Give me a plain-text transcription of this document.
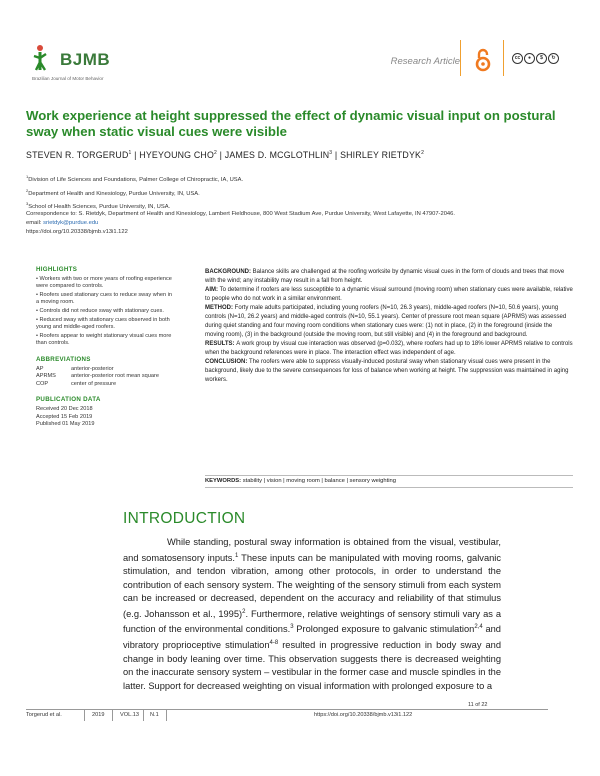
BJMB
Brazilian Journal of Motor Behavior
Research Article	cc	●	$	↻
Work experience at height suppressed the effect of dynamic visual input on postural sway when static visual cues were visible
STEVEN R. TORGERUD$^1$ | HYEYOUNG CHO$^2$ | JAMES D. MCGLOTHLIN$^3$ | SHIRLEY RIETDYK$^2$
$^1$Division of Life Sciences and Foundations, Palmer College of Chiropractic, IA, USA.
$^2$Department of Health and Kinesiology, Purdue University, IN, USA.
$^3$School of Health Sciences, Purdue University, IN, USA.
Correspondence to: S. Rietdyk, Department of Health and Kinesiology, Lambert Fieldhouse, 800 West Stadium Ave, Purdue University, West Lafayette, IN 47907-2046.
email: srietdyk@purdue.edu
https://doi.org/10.20338/bjmb.v13i1.122
HIGHLIGHTS
• Workers with two or more years of roofing experience were compared to controls.
• Roofers used stationary cues to reduce sway when in a moving room.
• Controls did not reduce sway with stationary cues.
• Reduced sway with stationary cues observed in both young and middle-aged roofers.
• Roofers appear to weight stationary visual cues more than controls.
ABBREVIATIONS
AP	anterior-posterior
APRMS	anterior-posterior root mean square
COP	center of pressure
PUBLICATION DATA
Received 20 Dec 2018
Accepted 15 Feb 2019
Published 01 May 2019

BACKGROUND: Balance skills are challenged at the roofing worksite by dynamic visual cues in the form of clouds and trees that move with the wind; any instability may result in a fall from height.

AIM: To determine if roofers are less susceptible to a dynamic visual surround (moving room) when stationary cues were available, relative to people who do not work in a similar environment.

METHOD: Forty male adults participated, including young roofers (N=10, 26.3 years), middle-aged roofers (N=10, 50.6 years), young controls (N=10, 26.2 years) and middle-aged controls (N=10, 55.1 years). Center of pressure root mean square (APRMS) was assessed during quiet standing and four moving room conditions when stationary cues were: (1) not in place, (2) in the foreground (inside the moving room), (3) in the background (outside the moving room, but still visible) and (4) in the foreground and background.

RESULTS: A work group by visual cue interaction was observed (p=0.032), where roofers had up to 18% lower APRMS relative to controls when the background references were in place. The interaction effect was independent of age.

CONCLUSION: The roofers were able to suppress visually-induced postural sway when stationary visual cues were present in the background, likely due to the severe consequences for loss of balance when working at height. The suppression was maintained in aging workers.

KEYWORDS: stability | vision | moving room | balance | sensory weighting
INTRODUCTION
While standing, postural sway information is obtained from the visual, vestibular, and somatosensory inputs.$^1$ These inputs can be manipulated with moving rooms, galvanic stimulation, and tendon vibration, among other protocols, in order to understand the contribution of each sensory system. The weighting of the sensory stimuli from each system can be increased or decreased, dependent on the accuracy and reliability of that stimulus (e.g. Johansson et al., 1995)$^2$. Furthermore, relative weightings of sensory stimuli vary as a function of the environmental conditions.$^3$ Prolonged exposure to galvanic stimulation$^{2,4}$ and vibratory proprioceptive stimulation$^{4-8}$ resulted in progressive reduction in body sway and change in body leaning over time. This observation suggests there is decreased weighting on the inaccurate sensory system – vestibular in the former case and muscle spindles in the latter. Support for decreased weighting on visual information with prolonged exposure to a
11 of 22
Torgerud et al.	2019	VOL.13 N.1	https://doi.org/10.20338/bjmb.v13i1.122
